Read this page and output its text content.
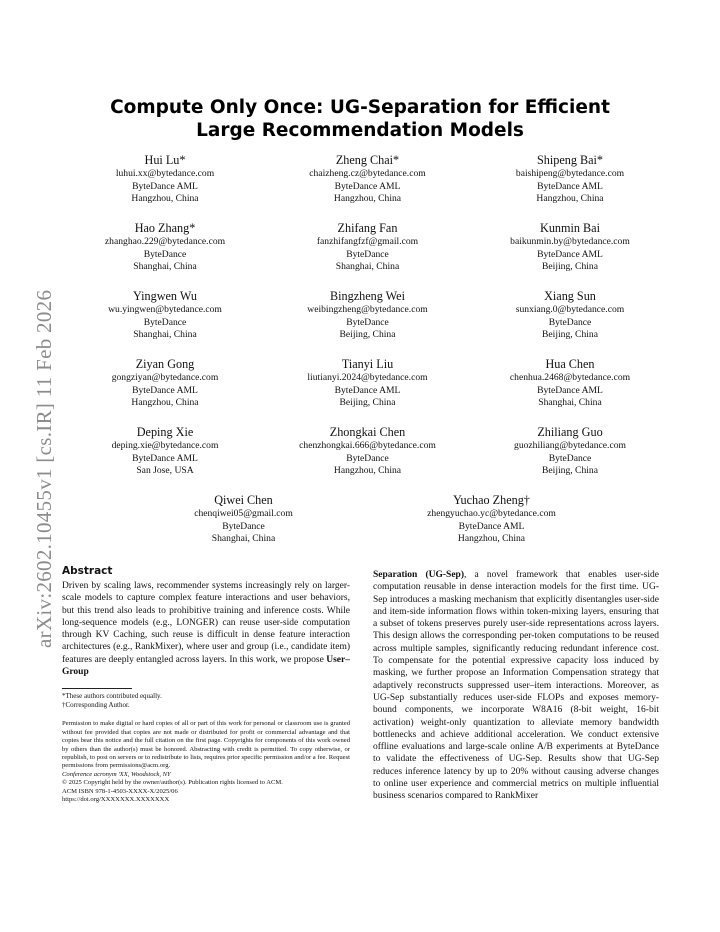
arXiv:2602.10455v1 [cs.IR] 11 Feb 2026
Compute Only Once: UG-Separation for Efficient
Large Recommendation Models
Hui Lu*
luhui.xx@bytedance.com
ByteDance AML
Hangzhou, China
Zheng Chai*
chaizheng.cz@bytedance.com
ByteDance AML
Hangzhou, China
Shipeng Bai*
baishipeng@bytedance.com
ByteDance AML
Hangzhou, China
Hao Zhang*
zhanghao.229@bytedance.com
ByteDance
Shanghai, China
Zhifang Fan
fanzhifangfzf@gmail.com
ByteDance
Shanghai, China
Kunmin Bai
baikunmin.by@bytedance.com
ByteDance AML
Beijing, China
Yingwen Wu
wu.yingwen@bytedance.com
ByteDance
Shanghai, China
Bingzheng Wei
weibingzheng@bytedance.com
ByteDance
Beijing, China
Xiang Sun
sunxiang.0@bytedance.com
ByteDance
Beijing, China
Ziyan Gong
gongziyan@bytedance.com
ByteDance AML
Hangzhou, China
Tianyi Liu
liutianyi.2024@bytedance.com
ByteDance AML
Beijing, China
Hua Chen
chenhua.2468@bytedance.com
ByteDance AML
Shanghai, China
Deping Xie
deping.xie@bytedance.com
ByteDance AML
San Jose, USA
Zhongkai Chen
chenzhongkai.666@bytedance.com
ByteDance
Hangzhou, China
Zhiliang Guo
guozhiliang@bytedance.com
ByteDance
Beijing, China
Qiwei Chen
chenqiwei05@gmail.com
ByteDance
Shanghai, China
Yuchao Zheng†
zhengyuchao.yc@bytedance.com
ByteDance AML
Hangzhou, China
Abstract
Driven by scaling laws, recommender systems increasingly rely on larger-scale models to capture complex feature interactions and user behaviors, but this trend also leads to prohibitive training and inference costs. While long-sequence models (e.g., LONGER) can reuse user-side computation through KV Caching, such reuse is difficult in dense feature interaction architectures (e.g., RankMixer), where user and group (i.e., candidate item) features are deeply entangled across layers. In this work, we propose User–Group
*These authors contributed equally.
†Corresponding Author.
Permission to make digital or hard copies of all or part of this work for personal or classroom use is granted without fee provided that copies are not made or distributed for profit or commercial advantage and that copies bear this notice and the full citation on the first page. Copyrights for components of this work owned by others than the author(s) must be honored. Abstracting with credit is permitted. To copy otherwise, or republish, to post on servers or to redistribute to lists, requires prior specific permission and/or a fee. Request permissions from permissions@acm.org.
Conference acronym 'XX, Woodstock, NY
© 2025 Copyright held by the owner/author(s). Publication rights licensed to ACM.
ACM ISBN 978-1-4503-XXXX-X/2025/06
https://doi.org/XXXXXXX.XXXXXXX
Separation (UG-Sep), a novel framework that enables user-side computation reusable in dense interaction models for the first time. UG-Sep introduces a masking mechanism that explicitly disentangles user-side and item-side information flows within token-mixing layers, ensuring that a subset of tokens preserves purely user-side representations across layers. This design allows the corresponding per-token computations to be reused across multiple samples, significantly reducing redundant inference cost. To compensate for the potential expressive capacity loss induced by masking, we further propose an Information Compensation strategy that adaptively reconstructs suppressed user–item interactions. Moreover, as UG-Sep substantially reduces user-side FLOPs and exposes memory-bound components, we incorporate W8A16 (8-bit weight, 16-bit activation) weight-only quantization to alleviate memory bandwidth bottlenecks and achieve additional acceleration. We conduct extensive offline evaluations and large-scale online A/B experiments at ByteDance to validate the effectiveness of UG-Sep. Results show that UG-Sep reduces inference latency by up to 20% without causing adverse changes to online user experience and commercial metrics on multiple influential business scenarios compared to RankMixer
